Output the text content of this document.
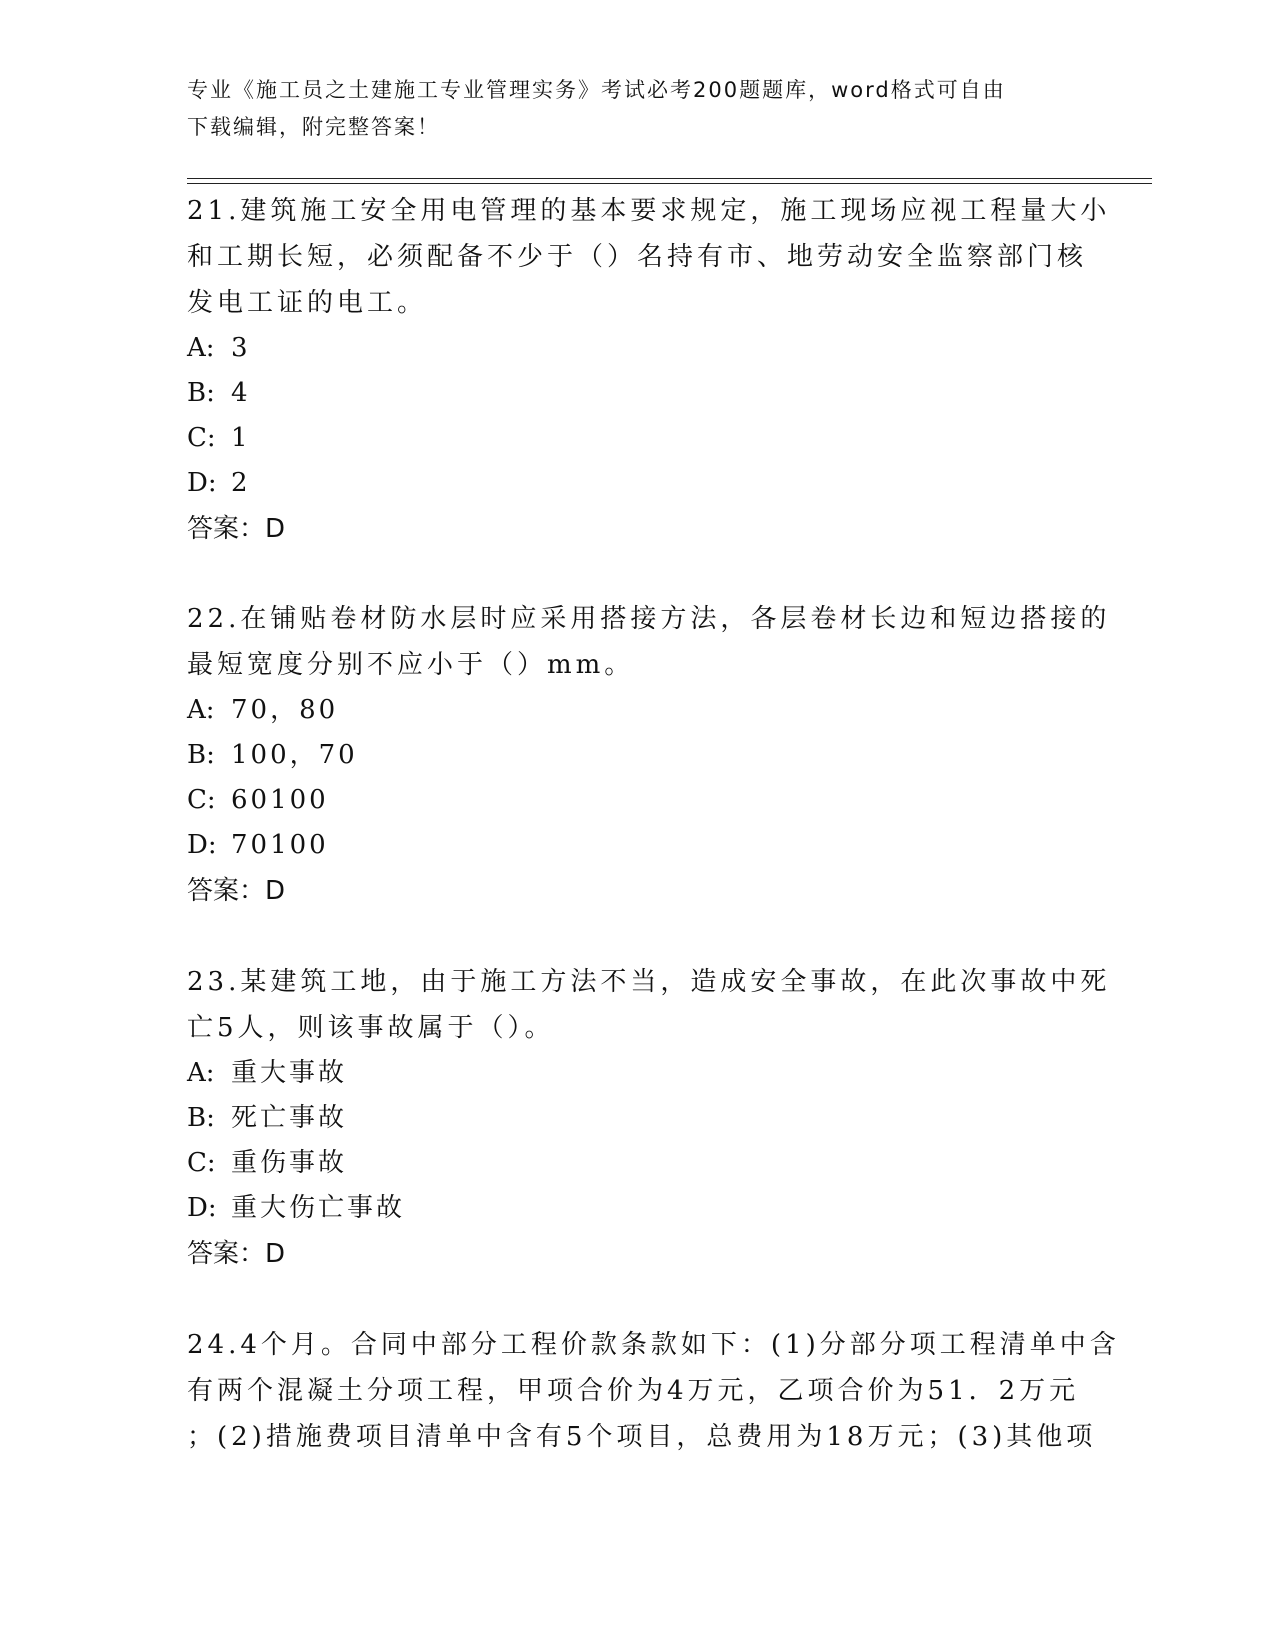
专业《施工员之土建施工专业管理实务》考试必考200题题库，word格式可自由
下载编辑，附完整答案！
21.建筑施工安全用电管理的基本要求规定，施工现场应视工程量大小
和工期长短，必须配备不少于（）名持有市、地劳动安全监察部门核
发电工证的电工。
A: 3
B: 4
C: 1
D: 2
答案：D
22.在铺贴卷材防水层时应采用搭接方法，各层卷材长边和短边搭接的
最短宽度分别不应小于（）mm。
A: 70，80
B: 100，70
C: 60100
D: 70100
答案：D
23.某建筑工地，由于施工方法不当，造成安全事故，在此次事故中死
亡5人，则该事故属于（）。
A: 重大事故
B: 死亡事故
C: 重伤事故
D: 重大伤亡事故
答案：D
24.4个月。合同中部分工程价款条款如下：(1)分部分项工程清单中含
有两个混凝土分项工程，甲项合价为4万元，乙项合价为51．2万元
；(2)措施费项目清单中含有5个项目，总费用为18万元；(3)其他项
